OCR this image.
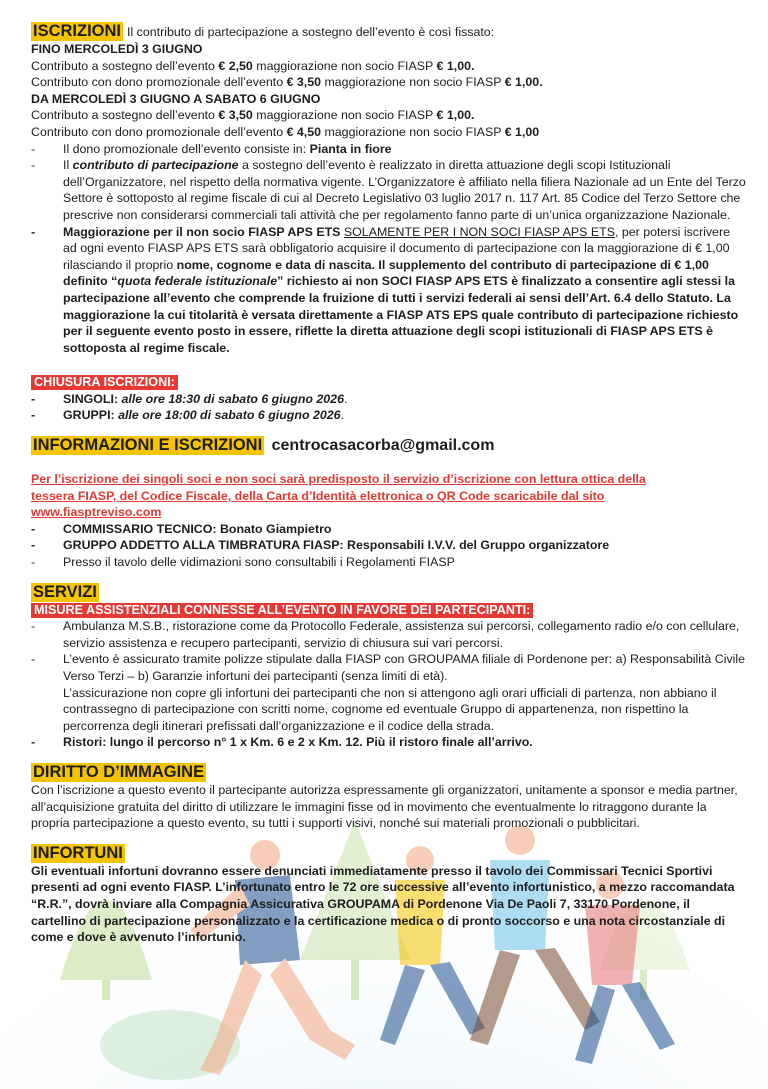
ISCRIZIONI Il contributo di partecipazione a sostegno dell’evento è così fissato:
FINO MERCOLEDÌ 3 GIUGNO
Contributo a sostegno dell’evento € 2,50 maggiorazione non socio FIASP € 1,00.
Contributo con dono promozionale dell’evento € 3,50 maggiorazione non socio FIASP € 1,00.
DA MERCOLEDÌ 3 GIUGNO A SABATO 6 GIUGNO
Contributo a sostegno dell’evento € 3,50 maggiorazione non socio FIASP € 1,00.
Contributo con dono promozionale dell’evento € 4,50 maggiorazione non socio FIASP € 1,00
- Il dono promozionale dell’evento consiste in: Pianta in fiore
- Il contributo di partecipazione a sostegno dell’evento è realizzato in diretta attuazione degli scopi Istituzionali dell’Organizzatore, nel rispetto della normativa vigente. L’Organizzatore è affiliato nella filiera Nazionale ad un Ente del Terzo Settore è sottoposto al regime fiscale di cui al Decreto Legislativo 03 luglio 2017 n. 117 Art. 85 Codice del Terzo Settore che prescrive non considerarsi commerciali tali attività che per regolamento fanno parte di un’unica organizzazione Nazionale.
- Maggiorazione per il non socio FIASP APS ETS SOLAMENTE PER I NON SOCI FIASP APS ETS, per potersi iscrivere ad ogni evento FIASP APS ETS sarà obbligatorio acquisire il documento di partecipazione con la maggiorazione di € 1,00 rilasciando il proprio nome, cognome e data di nascita. Il supplemento del contributo di partecipazione di € 1,00 definito “quota federale istituzionale” richiesto ai non SOCI FIASP APS ETS è finalizzato a consentire agli stessi la partecipazione all’evento che comprende la fruizione di tutti i servizi federali ai sensi dell’Art. 6.4 dello Statuto. La maggiorazione la cui titolarità è versata direttamente a FIASP ATS EPS quale contributo di partecipazione richiesto per il seguente evento posto in essere, riflette la diretta attuazione degli scopi istituzionali di FIASP APS ETS è sottoposta al regime fiscale.
CHIUSURA ISCRIZIONI:
- SINGOLI: alle ore 18:30 di sabato 6 giugno 2026.
- GRUPPI: alle ore 18:00 di sabato 6 giugno 2026.
INFORMAZIONI E ISCRIZIONI centrocasacorba@gmail.com
Per l’iscrizione dei singoli soci e non soci sarà predisposto il servizio d’iscrizione con lettura ottica della
tessera FIASP, del Codice Fiscale, della Carta d’Identità elettronica o QR Code scaricabile dal sito
www.fiasptreviso.com
- COMMISSARIO TECNICO: Bonato Giampietro
- GRUPPO ADDETTO ALLA TIMBRATURA FIASP: Responsabili I.V.V. del Gruppo organizzatore
- Presso il tavolo delle vidimazioni sono consultabili i Regolamenti FIASP
SERVIZI
MISURE ASSISTENZIALI CONNESSE ALL’EVENTO IN FAVORE DEI PARTECIPANTI:
- Ambulanza M.S.B., ristorazione come da Protocollo Federale, assistenza sui percorsi, collegamento radio e/o con cellulare, servizio assistenza e recupero partecipanti, servizio di chiusura sui vari percorsi.
- L’evento è assicurato tramite polizze stipulate dalla FIASP con GROUPAMA filiale di Pordenone per: a) Responsabilità Civile Verso Terzi – b) Garanzie infortuni dei partecipanti (senza limiti di età).
L’assicurazione non copre gli infortuni dei partecipanti che non si attengono agli orari ufficiali di partenza, non abbiano il contrassegno di partecipazione con scritti nome, cognome ed eventuale Gruppo di appartenenza, non rispettino la percorrenza degli itinerari prefissati dall’organizzazione e il codice della strada.
- Ristori: lungo il percorso n° 1 x Km. 6 e 2 x Km. 12. Più il ristoro finale all’arrivo.
DIRITTO D’IMMAGINE
Con l’iscrizione a questo evento il partecipante autorizza espressamente gli organizzatori, unitamente a sponsor e media partner, all’acquisizione gratuita del diritto di utilizzare le immagini fisse od in movimento che eventualmente lo ritraggono durante la propria partecipazione a questo evento, su tutti i supporti visivi, nonché sui materiali promozionali o pubblicitari.
INFORTUNI
Gli eventuali infortuni dovranno essere denunciati immediatamente presso il tavolo dei Commissari Tecnici Sportivi presenti ad ogni evento FIASP. L’infortunato entro le 72 ore successive all’evento infortunistico, a mezzo raccomandata “R.R.”, dovrà inviare alla Compagnia Assicurativa GROUPAMA di Pordenone Via De Paoli 7, 33170 Pordenone, il cartellino di partecipazione personalizzato e la certificazione medica o di pronto soccorso e una nota circostanziale di come e dove è avvenuto l’infortunio.
